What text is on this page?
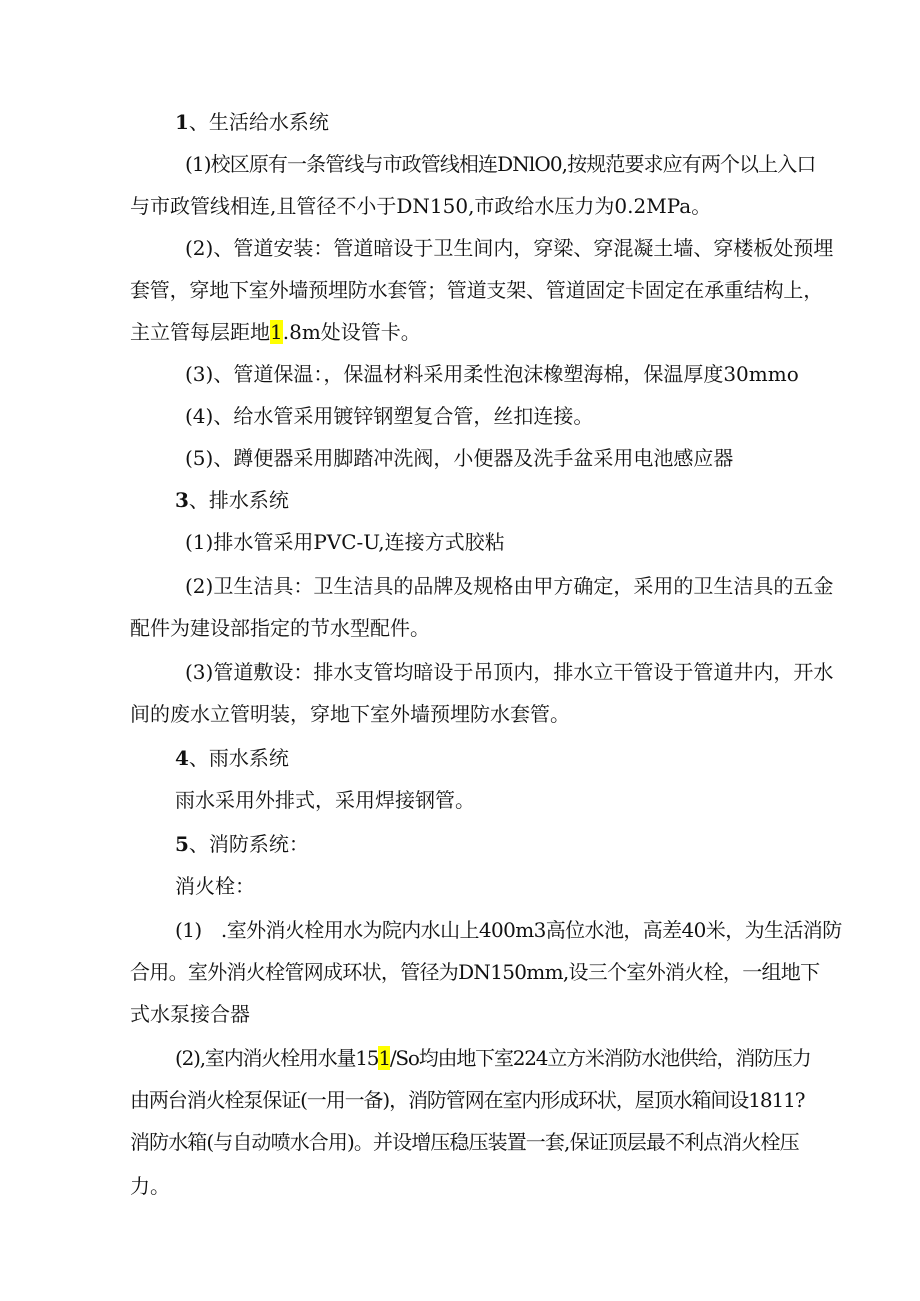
1、生活给水系统
(1)校区原有一条管线与市政管线相连DNlO0,按规范要求应有两个以上入口
与市政管线相连,且管径不小于DN150,市政给水压力为0.2MPa。
(2)、管道安装：管道暗设于卫生间内，穿梁、穿混凝土墙、穿楼板处预埋
套管，穿地下室外墙预埋防水套管；管道支架、管道固定卡固定在承重结构上，
主立管每层距地1.8m处设管卡。
(3)、管道保温：，保温材料采用柔性泡沫橡塑海棉，保温厚度30mmo
(4)、给水管采用镀锌钢塑复合管，丝扣连接。
(5)、蹲便器采用脚踏冲洗阀，小便器及洗手盆采用电池感应器
3、排水系统
(1)排水管采用PVC-U,连接方式胶粘
(2)卫生洁具：卫生洁具的品牌及规格由甲方确定，采用的卫生洁具的五金
配件为建设部指定的节水型配件。
(3)管道敷设：排水支管均暗设于吊顶内，排水立干管设于管道井内，开水
间的废水立管明装，穿地下室外墙预埋防水套管。
4、雨水系统
雨水采用外排式，采用焊接钢管。
5、消防系统：
消火栓：
(1)　.室外消火栓用水为院内水山上400m3高位水池，高差40米，为生活消防
合用。室外消火栓管网成环状，管径为DN150mm,设三个室外消火栓，一组地下
式水泵接合器
(2),室内消火栓用水量151∕So均由地下室224立方米消防水池供给，消防压力
由两台消火栓泵保证(一用一备)，消防管网在室内形成环状，屋顶水箱间设1811?
消防水箱(与自动喷水合用)。并设增压稳压装置一套,保证顶层最不利点消火栓压
力。
